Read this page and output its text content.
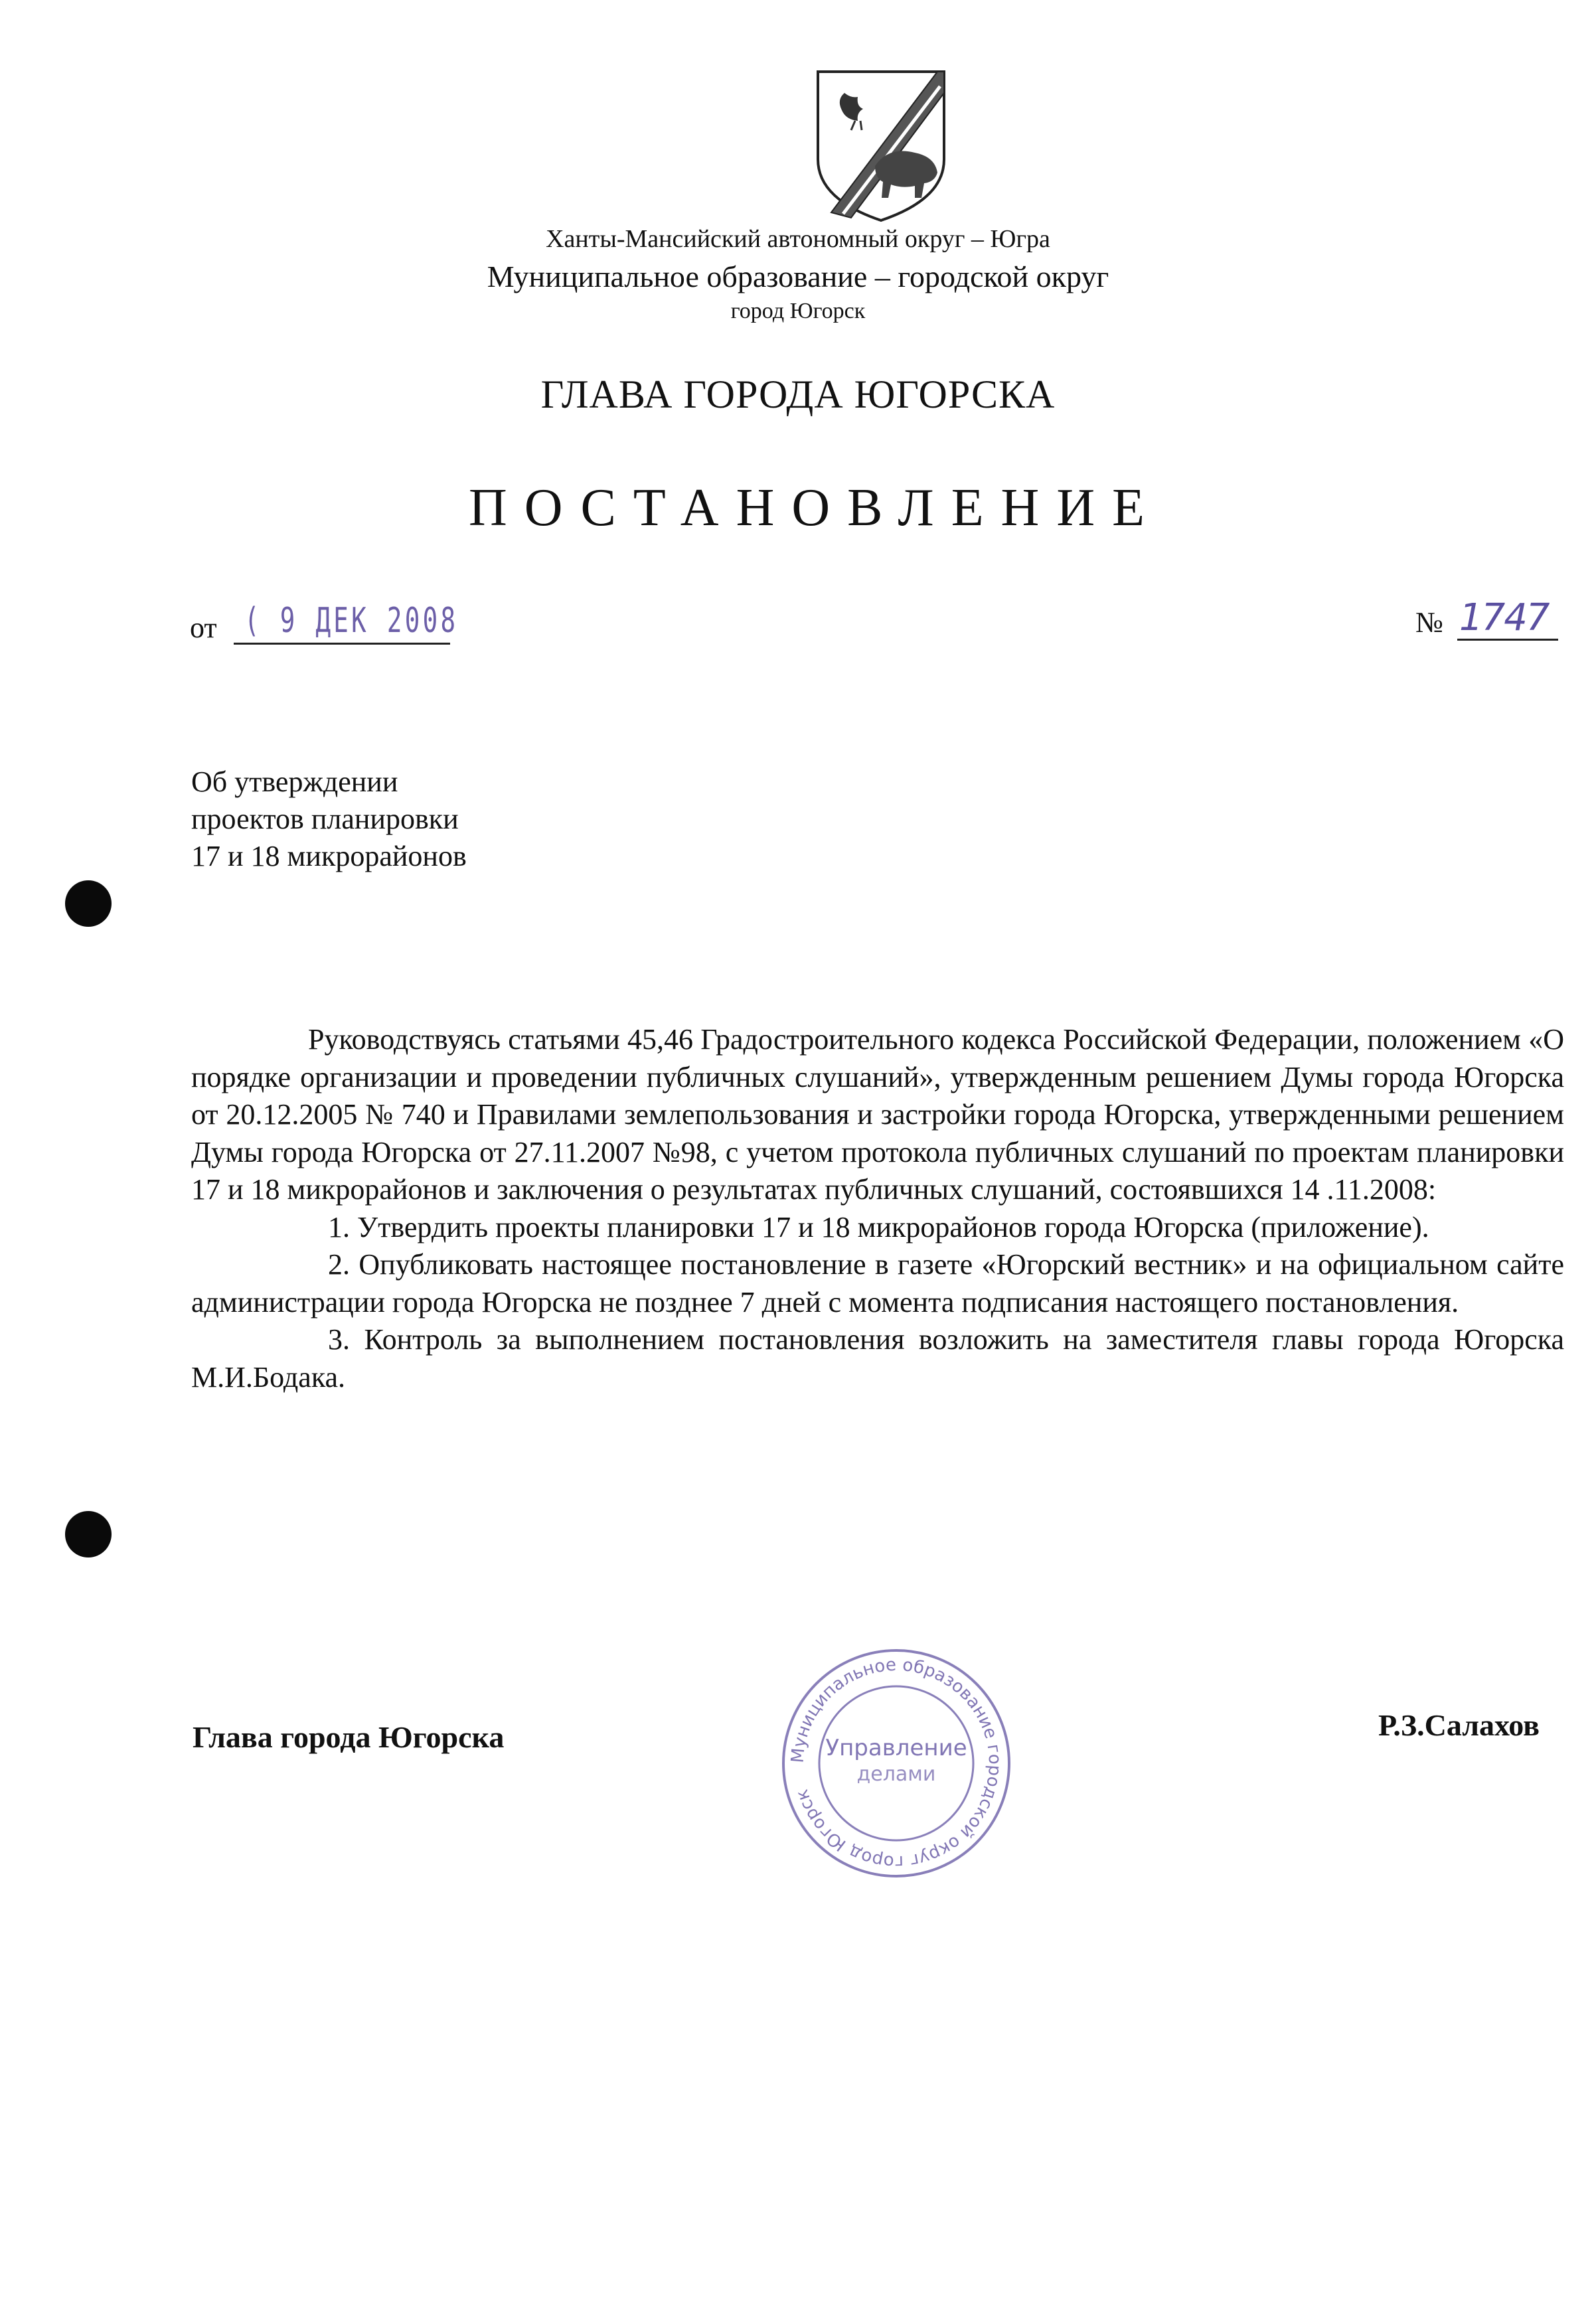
Ханты-Мансийский автономный округ – Югра
Муниципальное образование – городской округ
город Югорск
ГЛАВА ГОРОДА ЮГОРСКА
ПОСТАНОВЛЕНИЕ
от ( 9 ДЕК 2008	№ 1747
Об утверждении
проектов планировки
17 и 18 микрорайонов

Руководствуясь статьями 45,46 Градостроительного кодекса Российской Федерации, положением «О порядке организации и проведении публичных слушаний», утвержденным решением Думы города Югорска от 20.12.2005 № 740 и Правилами землепользования и застройки города Югорска, утвержденными решением Думы города Югорска от 27.11.2007 №98, с учетом протокола публичных слушаний по проектам планировки 17 и 18 микрорайонов и заключения о результатах публичных слушаний, состоявшихся 14 .11.2008:

1. Утвердить проекты планировки 17 и 18 микрорайонов города Югорска (приложение).

2. Опубликовать настоящее постановление в газете «Югорский вестник» и на официальном сайте администрации города Югорска не позднее 7 дней с момента подписания настоящего постановления.

3. Контроль за выполнением постановления возложить на заместителя главы города Югорска М.И.Бодака.

Глава города Югорска	Р.З.Салахов
Муниципальное образование городской округ город Югорск
Управление
делами
